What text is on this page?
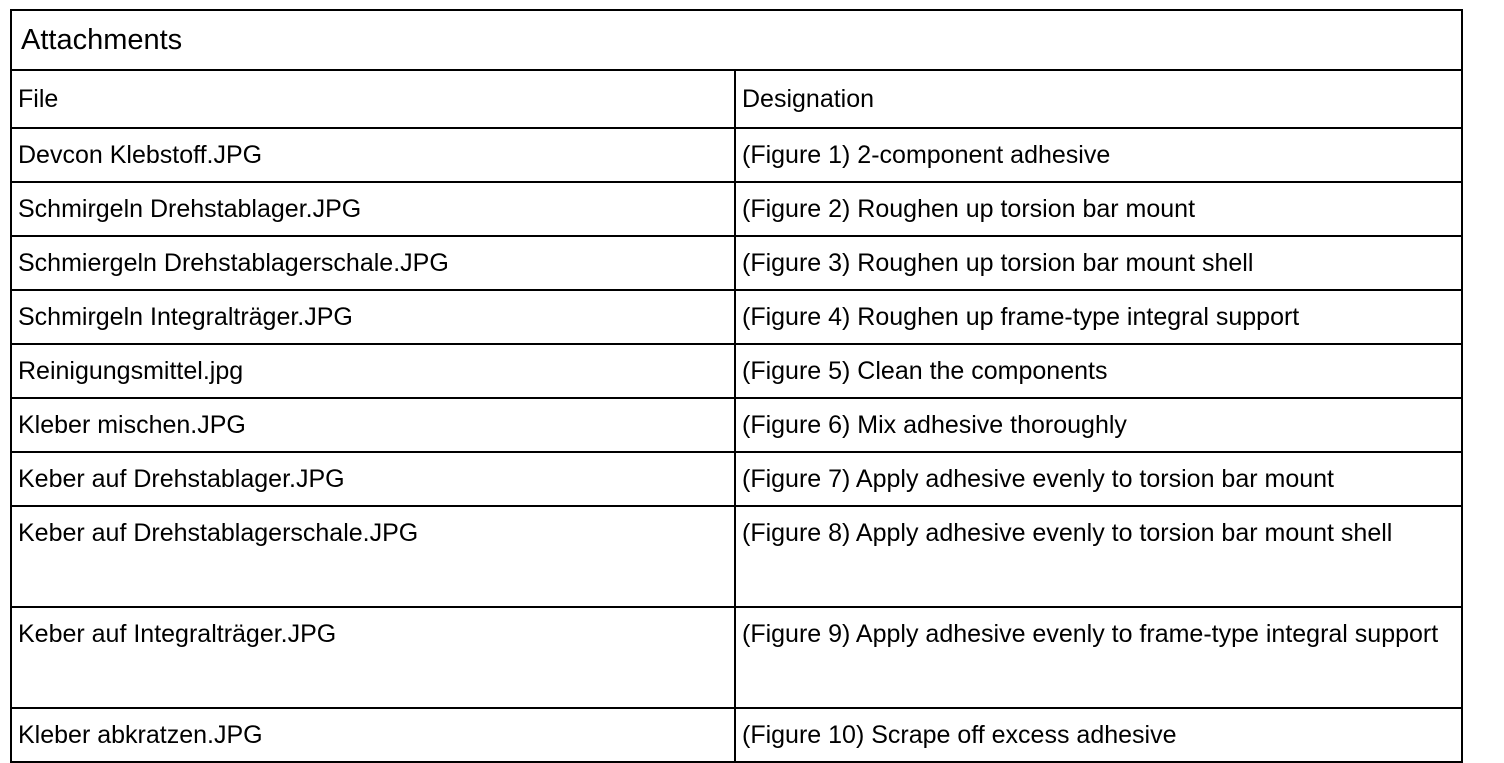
Attachments	
File	Designation
Devcon Klebstoff.JPG	(Figure 1) 2-component adhesive
Schmirgeln Drehstablager.JPG	(Figure 2) Roughen up torsion bar mount
Schmiergeln Drehstablagerschale.JPG	(Figure 3) Roughen up torsion bar mount shell
Schmirgeln Integralträger.JPG	(Figure 4) Roughen up frame-type integral support
Reinigungsmittel.jpg	(Figure 5) Clean the components
Kleber mischen.JPG	(Figure 6) Mix adhesive thoroughly
Keber auf Drehstablager.JPG	(Figure 7) Apply adhesive evenly to torsion bar mount
Keber auf Drehstablagerschale.JPG	(Figure 8) Apply adhesive evenly to torsion bar mount shell
Keber auf Integralträger.JPG	(Figure 9) Apply adhesive evenly to frame-type integral support
Kleber abkratzen.JPG	(Figure 10) Scrape off excess adhesive
